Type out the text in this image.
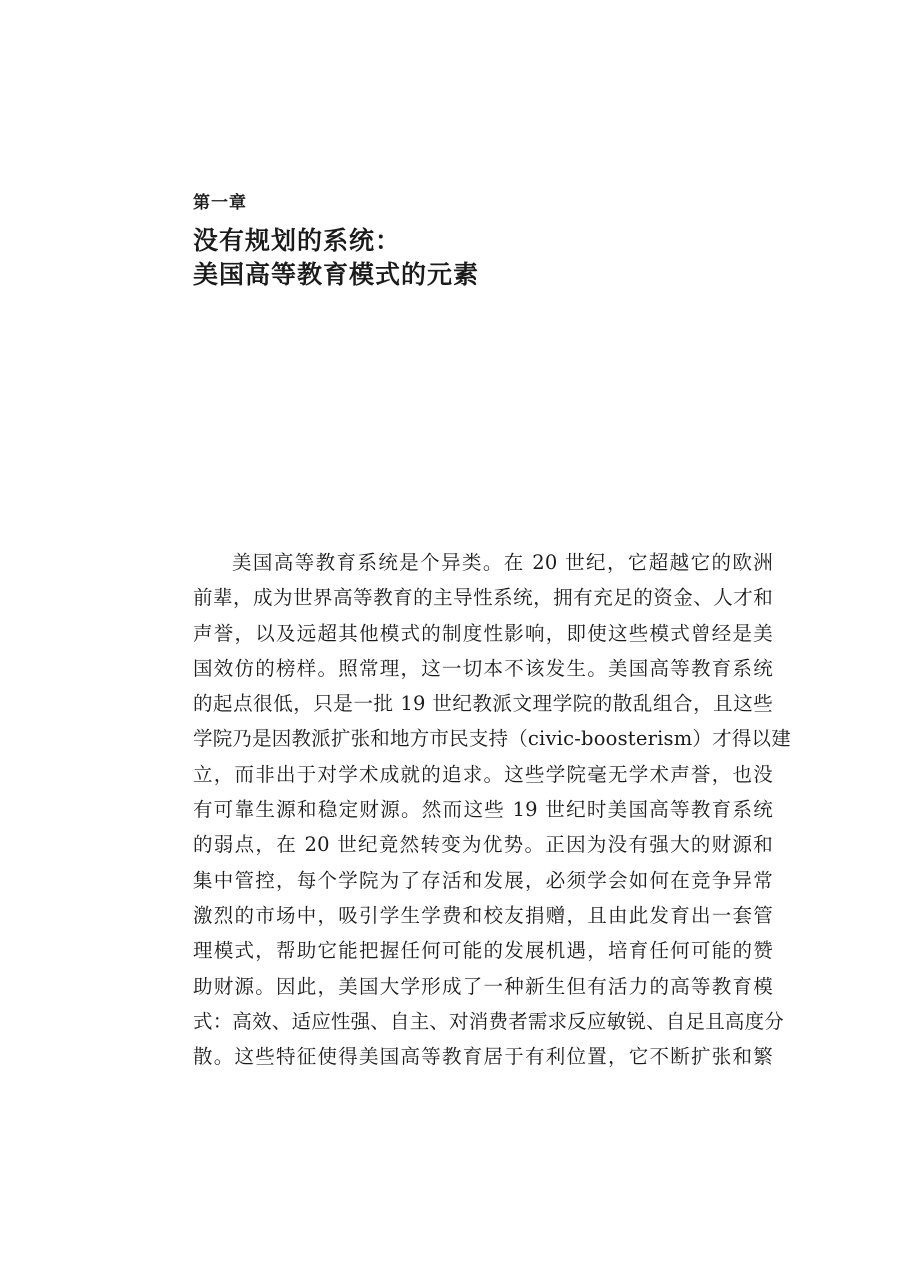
第一章

没有规划的系统：
美国高等教育模式的元素
美国高等教育系统是个异类。在 20 世纪，它超越它的欧洲
前辈，成为世界高等教育的主导性系统，拥有充足的资金、人才和
声誉，以及远超其他模式的制度性影响，即使这些模式曾经是美
国效仿的榜样。照常理，这一切本不该发生。美国高等教育系统
的起点很低，只是一批 19 世纪教派文理学院的散乱组合，且这些
学院乃是因教派扩张和地方市民支持（civic-boosterism）才得以建
立，而非出于对学术成就的追求。这些学院毫无学术声誉，也没
有可靠生源和稳定财源。然而这些 19 世纪时美国高等教育系统
的弱点，在 20 世纪竟然转变为优势。正因为没有强大的财源和
集中管控，每个学院为了存活和发展，必须学会如何在竞争异常
激烈的市场中，吸引学生学费和校友捐赠，且由此发育出一套管
理模式，帮助它能把握任何可能的发展机遇，培育任何可能的赞
助财源。因此，美国大学形成了一种新生但有活力的高等教育模
式：高效、适应性强、自主、对消费者需求反应敏锐、自足且高度分
散。这些特征使得美国高等教育居于有利位置，它不断扩张和繁
